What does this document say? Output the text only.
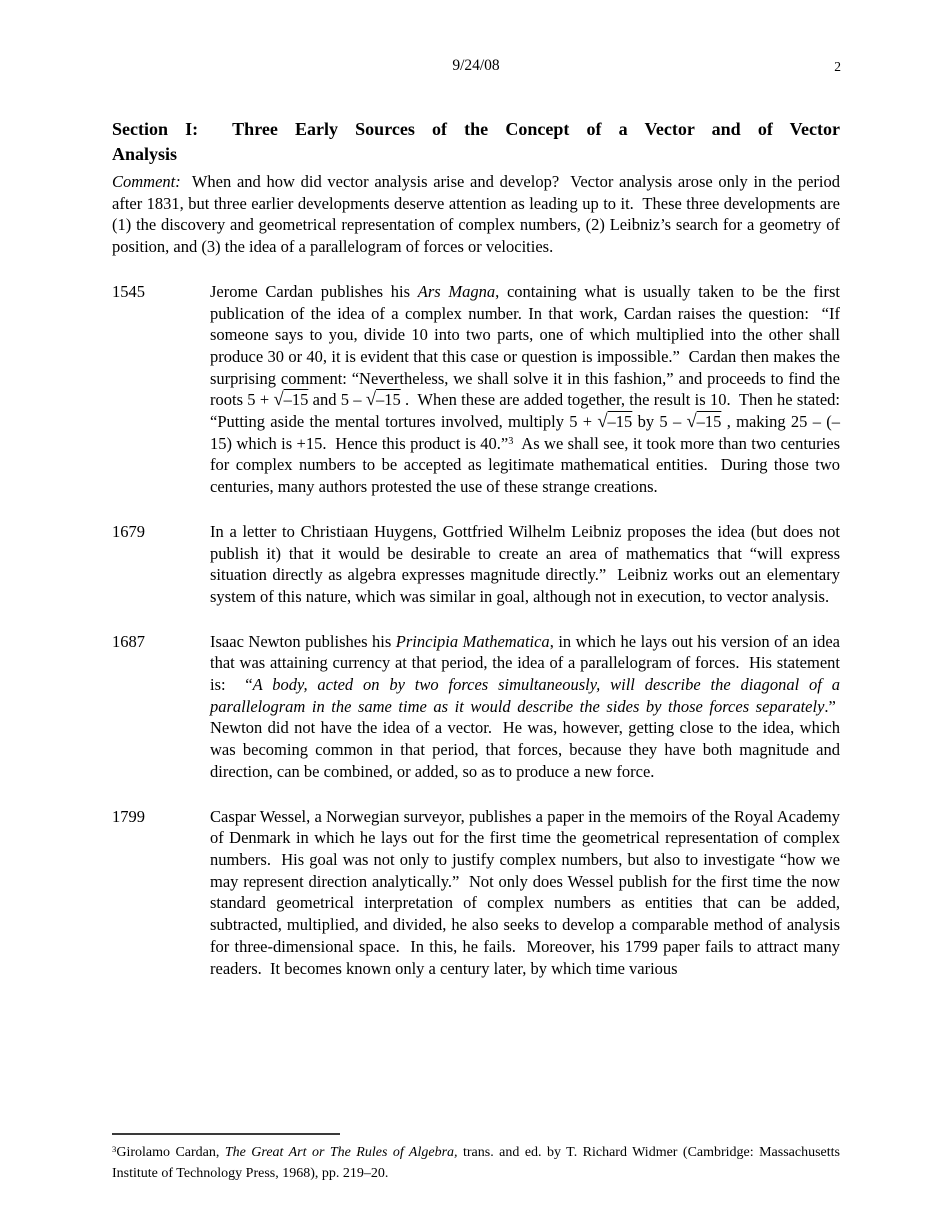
9/24/08	2
Section I:  Three Early Sources of the Concept of a Vector and of Vector
Analysis

Comment:  When and how did vector analysis arise and develop?  Vector analysis arose only in the period after 1831, but three earlier developments deserve attention as leading up to it.  These three developments are (1) the discovery and geometrical representation of complex numbers, (2) Leibniz’s search for a geometry of position, and (3) the idea of a parallelogram of forces or velocities.

1545	Jerome Cardan publishes his Ars Magna, containing what is usually taken to be the first publication of the idea of a complex number. In that work, Cardan raises the question:  “If someone says to you, divide 10 into two parts, one of which multiplied into the other shall produce 30 or 40, it is evident that this case or question is impossible.”  Cardan then makes the surprising comment: “Nevertheless, we shall solve it in this fashion,” and proceeds to find the roots 5 + √–15 and 5 – √–15 .  When these are added together, the result is 10.  Then he stated: “Putting aside the mental tortures involved, multiply 5 + √–15 by 5 – √–15 , making 25 – (–15) which is +15.  Hence this product is 40.”$^3$  As we shall see, it took more than two centuries for complex numbers to be accepted as legitimate mathematical entities.  During those two centuries, many authors protested the use of these strange creations.
1679	In a letter to Christiaan Huygens, Gottfried Wilhelm Leibniz proposes the idea (but does not publish it) that it would be desirable to create an area of mathematics that “will express situation directly as algebra expresses magnitude directly.”  Leibniz works out an elementary system of this nature, which was similar in goal, although not in execution, to vector analysis.
1687	Isaac Newton publishes his Principia Mathematica, in which he lays out his version of an idea that was attaining currency at that period, the idea of a parallelogram of forces.  His statement is:  “A body, acted on by two forces simultaneously, will describe the diagonal of a parallelogram in the same time as it would describe the sides by those forces separately.”  Newton did not have the idea of a vector.  He was, however, getting close to the idea, which was becoming common in that period, that forces, because they have both magnitude and direction, can be combined, or added, so as to produce a new force.
1799	Caspar Wessel, a Norwegian surveyor, publishes a paper in the memoirs of the Royal Academy of Denmark in which he lays out for the first time the geometrical representation of complex numbers.  His goal was not only to justify complex numbers, but also to investigate “how we may represent direction analytically.”  Not only does Wessel publish for the first time the now standard geometrical interpretation of complex numbers as entities that can be added, subtracted, multiplied, and divided, he also seeks to develop a comparable method of analysis for three-dimensional space.  In this, he fails.  Moreover, his 1799 paper fails to attract many readers.  It becomes known only a century later, by which time various

$^3$Girolamo Cardan, The Great Art or The Rules of Algebra, trans. and ed. by T. Richard Widmer (Cambridge: Massachusetts Institute of Technology Press, 1968), pp. 219–20.
